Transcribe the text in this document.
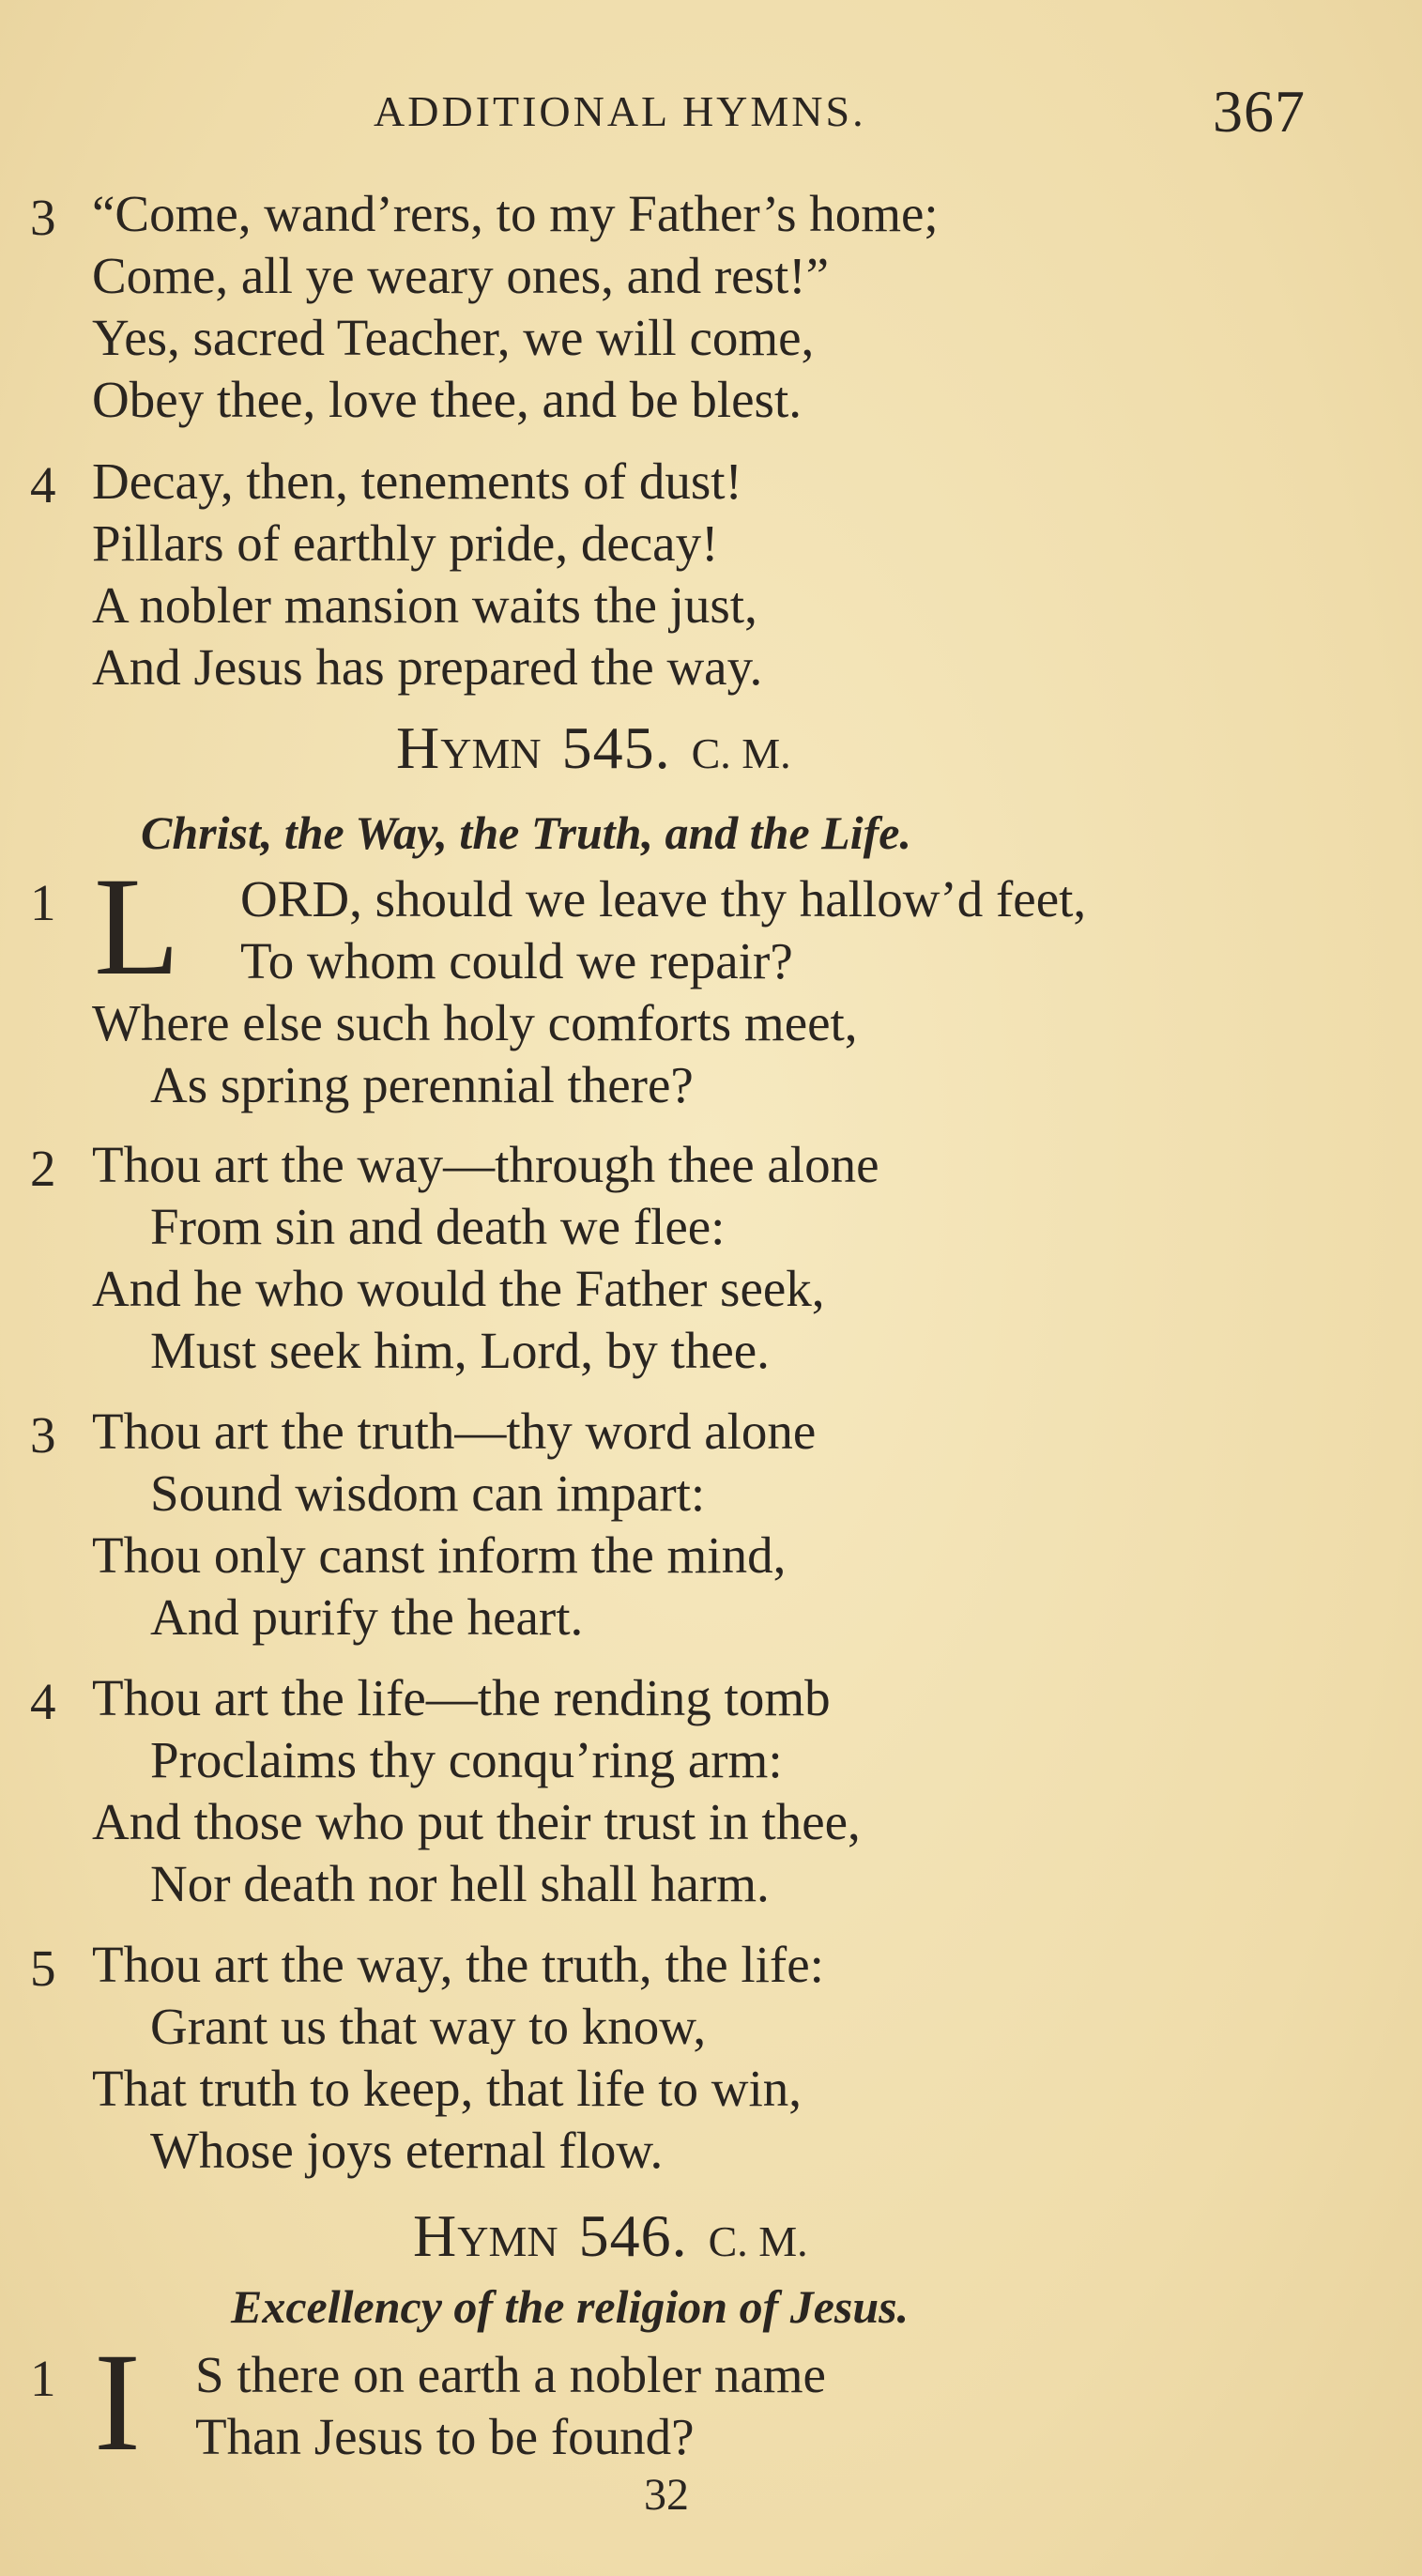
ADDITIONAL HYMNS.	367
3 “Come, wand’rers, to my Father’s home;
Come, all ye weary ones, and rest!”
Yes, sacred Teacher, we will come,
Obey thee, love thee, and be blest.
4 Decay, then, tenements of dust!
Pillars of earthly pride, decay!
A nobler mansion waits the just,
And Jesus has prepared the way.
HYMN 545. C. M.
Christ, the Way, the Truth, and the Life.
1 L ORD, should we leave thy hallow’d feet,
To whom could we repair?
Where else such holy comforts meet,
As spring perennial there?
2 Thou art the way—through thee alone
From sin and death we flee:
And he who would the Father seek,
Must seek him, Lord, by thee.
3 Thou art the truth—thy word alone
Sound wisdom can impart:
Thou only canst inform the mind,
And purify the heart.
4 Thou art the life—the rending tomb
Proclaims thy conqu’ring arm:
And those who put their trust in thee,
Nor death nor hell shall harm.
5 Thou art the way, the truth, the life:
Grant us that way to know,
That truth to keep, that life to win,
Whose joys eternal flow.
HYMN 546. C. M.
Excellency of the religion of Jesus.
1 I S there on earth a nobler name
Than Jesus to be found?
32
